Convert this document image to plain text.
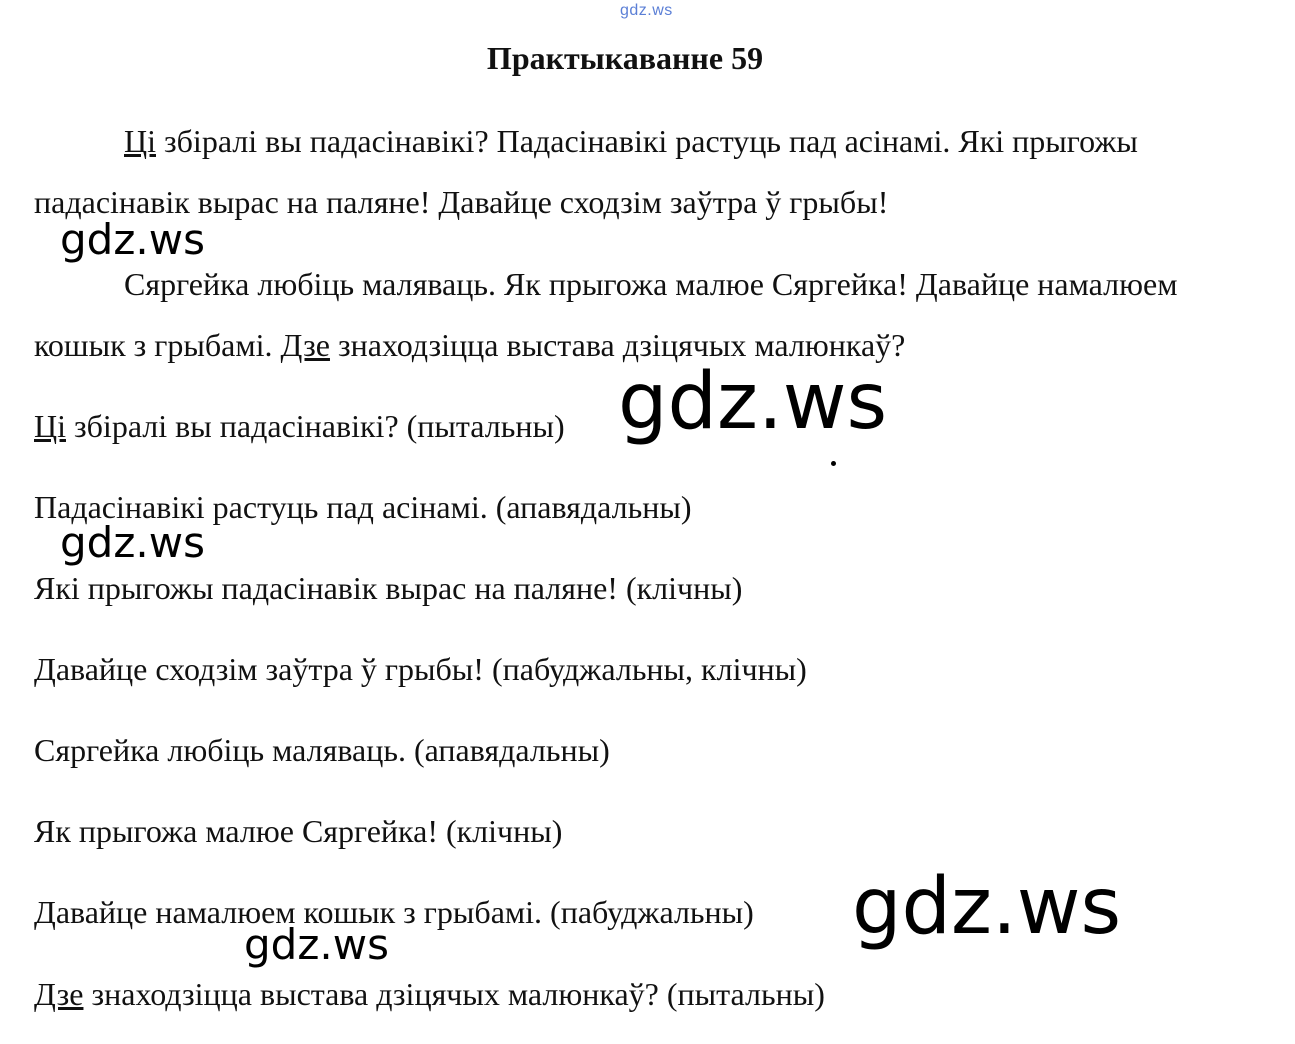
gdz.ws
Практыкаванне 59

Ці збіралі вы падасінавікі? Падасінавікі растуць пад асінамі. Які прыгожы падасінавік вырас на паляне! Давайце сходзім заўтра ў грыбы!

Сяргейка любіць маляваць. Як прыгожа малюе Сяргейка! Давайце намалюем кошык з грыбамі. Дзе знаходзіцца выстава дзіцячых малюнкаў?

Ці збіралі вы падасінавікі? (пытальны)
Падасінавікі растуць пад асінамі. (апавядальны)
Які прыгожы падасінавік вырас на паляне! (клічны)
Давайце сходзім заўтра ў грыбы! (пабуджальны, клічны)
Сяргейка любіць маляваць. (апавядальны)
Як прыгожа малюе Сяргейка! (клічны)
Давайце намалюем кошык з грыбамі. (пабуджальны)
Дзе знаходзіцца выстава дзіцячых малюнкаў? (пытальны)
gdz.ws
gdz.ws
gdz.ws
gdz.ws
gdz.ws
